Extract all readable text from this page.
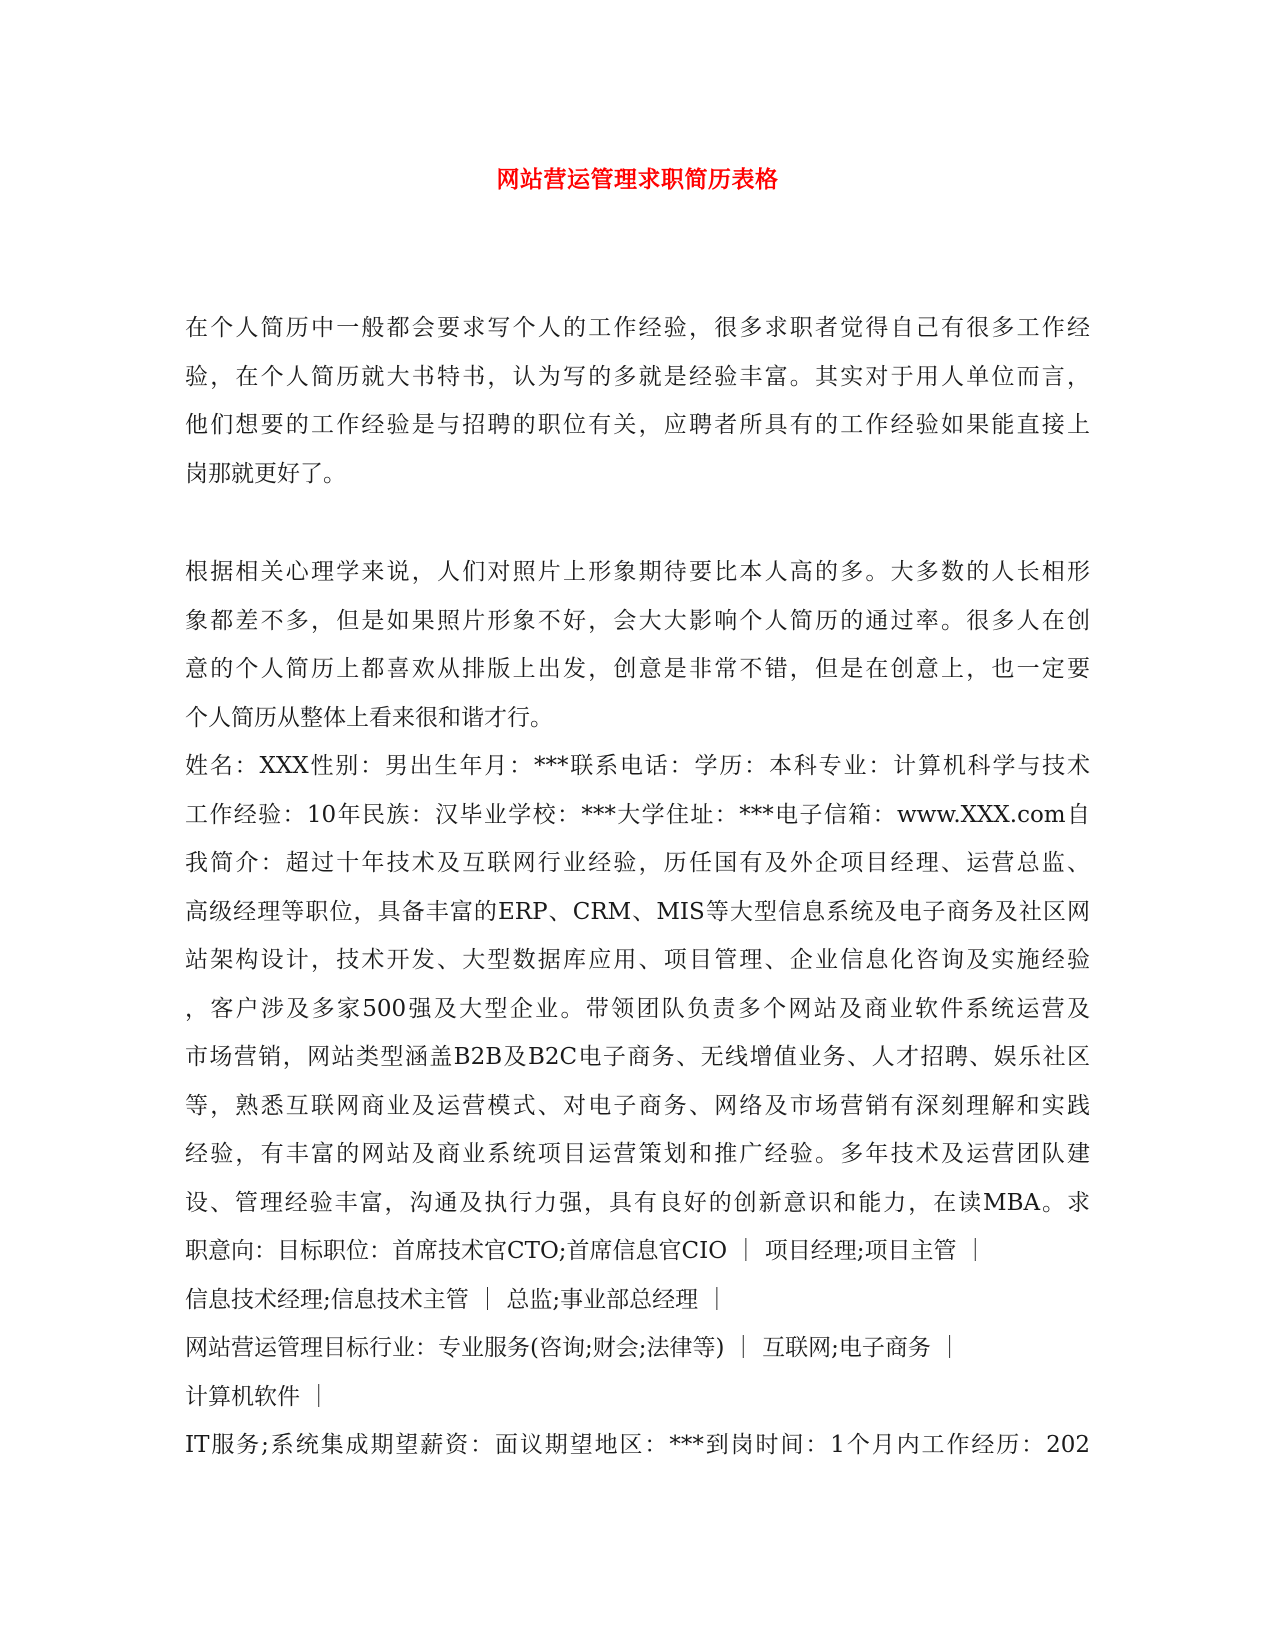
网站营运管理求职简历表格
在个人简历中一般都会要求写个人的工作经验，很多求职者觉得自己有很多工作经
验，在个人简历就大书特书，认为写的多就是经验丰富。其实对于用人单位而言，
他们想要的工作经验是与招聘的职位有关，应聘者所具有的工作经验如果能直接上
岗那就更好了。
根据相关心理学来说，人们对照片上形象期待要比本人高的多。大多数的人长相形
象都差不多，但是如果照片形象不好，会大大影响个人简历的通过率。很多人在创
意的个人简历上都喜欢从排版上出发，创意是非常不错，但是在创意上，也一定要
个人简历从整体上看来很和谐才行。
姓名：XXX性别：男出生年月：***联系电话：学历：本科专业：计算机科学与技术
工作经验：10年民族：汉毕业学校：***大学住址：***电子信箱：www.XXX.com自
我简介：超过十年技术及互联网行业经验，历任国有及外企项目经理、运营总监、
高级经理等职位，具备丰富的ERP、CRM、MIS等大型信息系统及电子商务及社区网
站架构设计，技术开发、大型数据库应用、项目管理、企业信息化咨询及实施经验
，客户涉及多家500强及大型企业。带领团队负责多个网站及商业软件系统运营及
市场营销，网站类型涵盖B2B及B2C电子商务、无线增值业务、人才招聘、娱乐社区
等，熟悉互联网商业及运营模式、对电子商务、网络及市场营销有深刻理解和实践
经验，有丰富的网站及商业系统项目运营策划和推广经验。多年技术及运营团队建
设、管理经验丰富，沟通及执行力强，具有良好的创新意识和能力，在读MBA。求
职意向：目标职位：首席技术官CTO;首席信息官CIO ｜ 项目经理;项目主管 ｜
信息技术经理;信息技术主管 ｜ 总监;事业部总经理 ｜
网站营运管理目标行业：专业服务(咨询;财会;法律等) ｜ 互联网;电子商务 ｜
计算机软件 ｜
IT服务;系统集成期望薪资：面议期望地区：***到岗时间：1个月内工作经历：202
